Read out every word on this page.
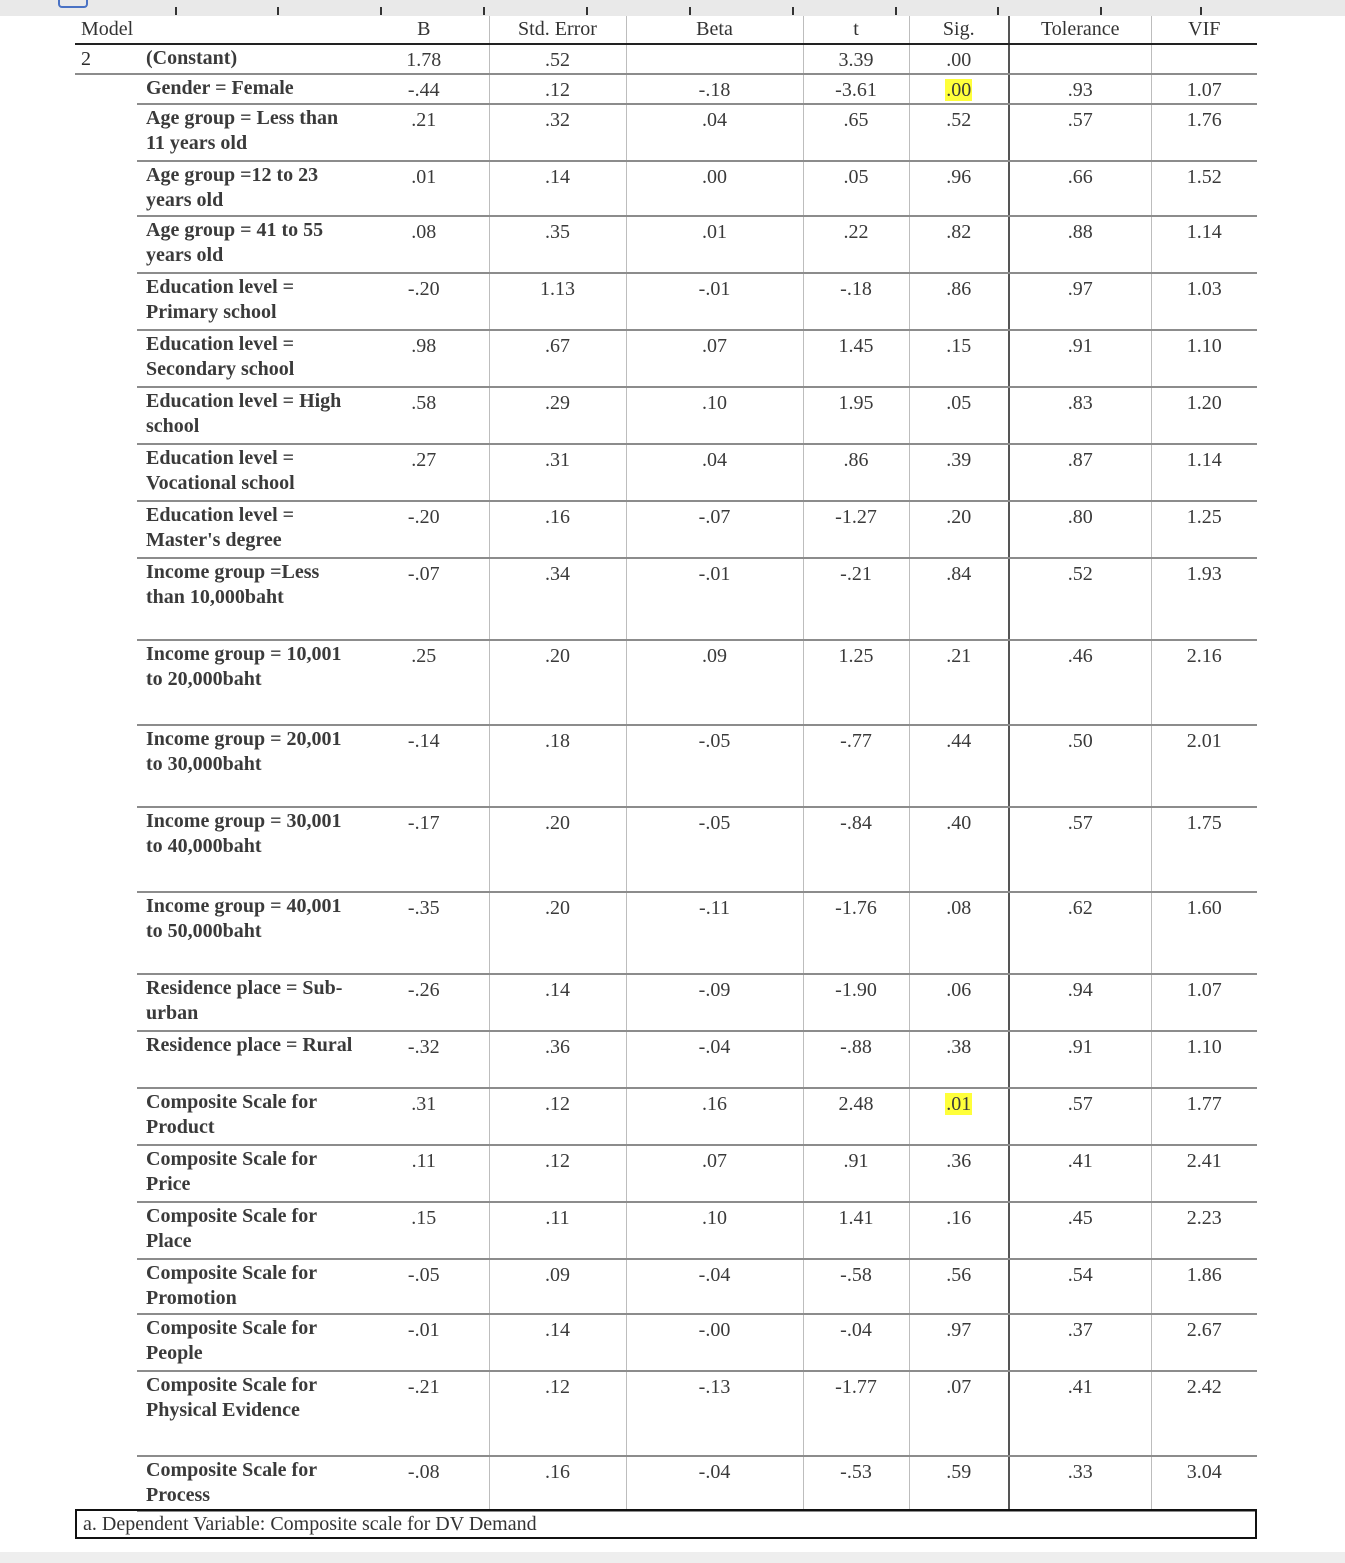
Model		B	Std. Error	Beta	t	Sig.	Tolerance	VIF
2	(Constant)	1.78	.52		3.39	.00		
	Gender = Female	-.44	.12	-.18	-3.61	.00	.93	1.07
	Age group = Less than 11 years old	.21	.32	.04	.65	.52	.57	1.76
	Age group =12 to 23 years old	.01	.14	.00	.05	.96	.66	1.52
	Age group = 41 to 55 years old	.08	.35	.01	.22	.82	.88	1.14
	Education level = Primary school	-.20	1.13	-.01	-.18	.86	.97	1.03
	Education level = Secondary school	.98	.67	.07	1.45	.15	.91	1.10
	Education level = High school	.58	.29	.10	1.95	.05	.83	1.20
	Education level = Vocational school	.27	.31	.04	.86	.39	.87	1.14
	Education level = Master's degree	-.20	.16	-.07	-1.27	.20	.80	1.25
	Income group =Less than 10,000baht	-.07	.34	-.01	-.21	.84	.52	1.93
	Income group = 10,001 to 20,000baht	.25	.20	.09	1.25	.21	.46	2.16
	Income group = 20,001 to 30,000baht	-.14	.18	-.05	-.77	.44	.50	2.01
	Income group = 30,001 to 40,000baht	-.17	.20	-.05	-.84	.40	.57	1.75
	Income group = 40,001 to 50,000baht	-.35	.20	-.11	-1.76	.08	.62	1.60
	Residence place = Sub-urban	-.26	.14	-.09	-1.90	.06	.94	1.07
	Residence place = Rural	-.32	.36	-.04	-.88	.38	.91	1.10
	Composite Scale for Product	.31	.12	.16	2.48	.01	.57	1.77
	Composite Scale for Price	.11	.12	.07	.91	.36	.41	2.41
	Composite Scale for Place	.15	.11	.10	1.41	.16	.45	2.23
	Composite Scale for Promotion	-.05	.09	-.04	-.58	.56	.54	1.86
	Composite Scale for People	-.01	.14	-.00	-.04	.97	.37	2.67
	Composite Scale for Physical Evidence	-.21	.12	-.13	-1.77	.07	.41	2.42
	Composite Scale for Process	-.08	.16	-.04	-.53	.59	.33	3.04
a. Dependent Variable: Composite scale for DV Demand
